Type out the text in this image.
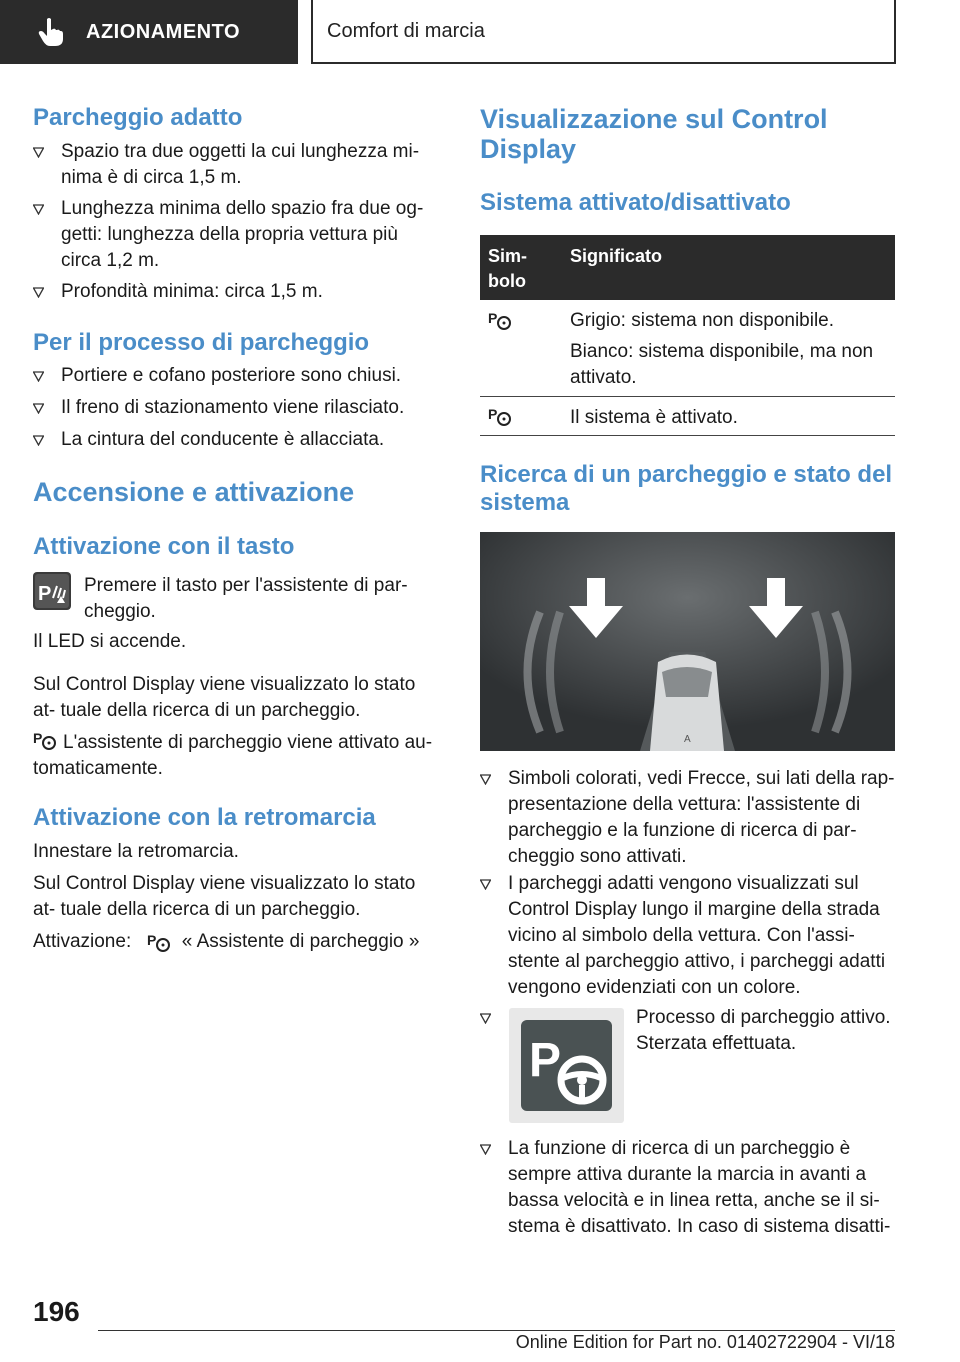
AZIONAMENTO	Comfort di marcia
Parcheggio adatto
Spazio tra due oggetti la cui lunghezza mi‐ nima è di circa 1,5 m.
Lunghezza minima dello spazio fra due og‐ getti: lunghezza della propria vettura più circa 1,2 m.
Profondità minima: circa 1,5 m.
Per il processo di parcheggio
Portiere e cofano posteriore sono chiusi.
Il freno di stazionamento viene rilasciato.
La cintura del conducente è allacciata.
Accensione e attivazione
Attivazione con il tasto
P Premere il tasto per l'assistente di par‐ cheggio.
Il LED si accende.
Sul Control Display viene visualizzato lo stato at‐ tuale della ricerca di un parcheggio.
P	L'assistente di parcheggio viene attivato au‐ tomaticamente.
Attivazione con la retromarcia
Innestare la retromarcia.
Sul Control Display viene visualizzato lo stato at‐ tuale della ricerca di un parcheggio.
Attivazione: P « Assistente di parcheggio »
Visualizzazione sul Control Display
Sistema attivato/disattivato
Sim‐ bolo
Significato
P	Grigio: sistema non disponibile.
Bianco: sistema disponibile, ma non attivato.
P	Il sistema è attivato.
Ricerca di un parcheggio e stato del sistema
A
Simboli colorati, vedi Frecce, sui lati della rap‐ presentazione della vettura: l'assistente di parcheggio e la funzione di ricerca di par‐ cheggio sono attivati.
I parcheggi adatti vengono visualizzati sul Control Display lungo il margine della strada vicino al simbolo della vettura. Con l'assi‐ stente al parcheggio attivo, i parcheggi adatti vengono evidenziati con un colore.
P
Processo di parcheggio attivo. Sterzata effettuata.
La funzione di ricerca di un parcheggio è sempre attiva durante la marcia in avanti a bassa velocità e in linea retta, anche se il si‐ stema è disattivato. In caso di sistema disatti‐
196
Online Edition for Part no. 01402722904 - VI/18
